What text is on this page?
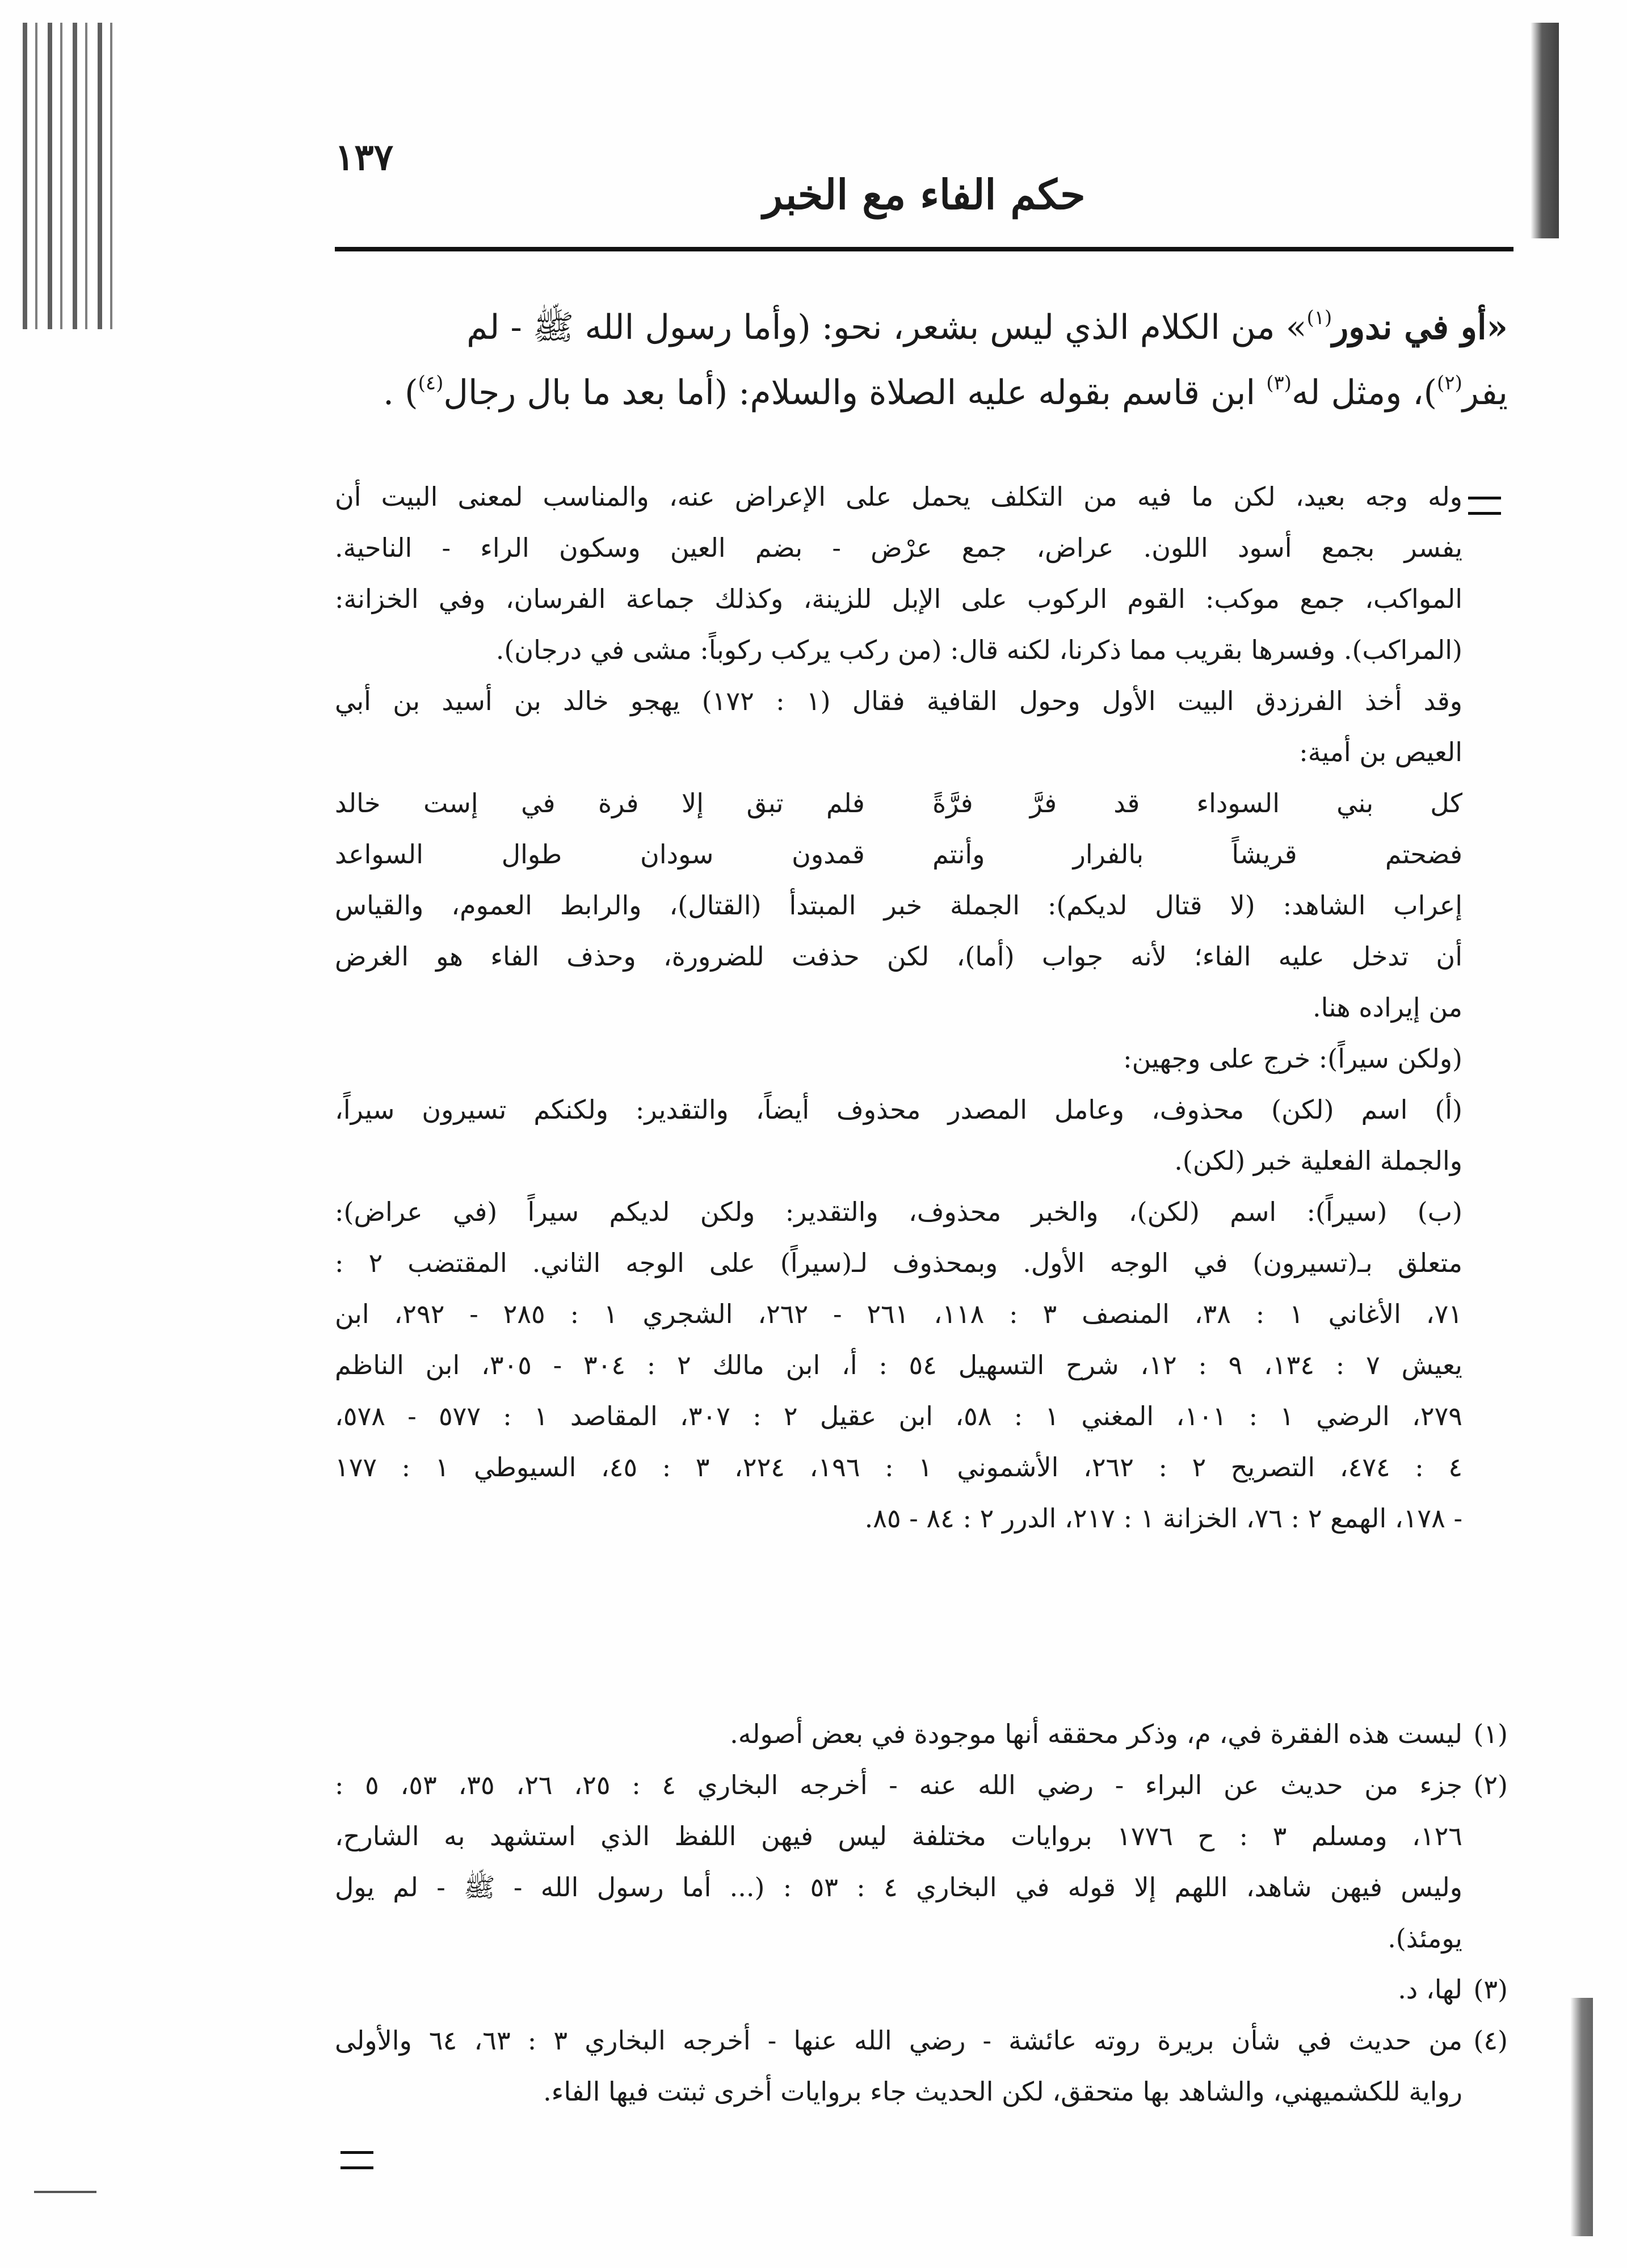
١٣٧
حكم الفاء مع الخبر
«أو في ندور$^{(١)}$» من الكلام الذي ليس بشعر، نحو: (وأما رسول الله ﷺ - لم
يفر$^{(٢)}$)، ومثل له$^{(٣)}$ ابن قاسم بقوله عليه الصلاة والسلام: (أما بعد ما بال رجال$^{(٤)}$) .
وله وجه بعيد، لكن ما فيه من التكلف يحمل على الإعراض عنه، والمناسب لمعنى البيت أن
يفسر بجمع أسود اللون. عراض، جمع عرْض - بضم العين وسكون الراء - الناحية.
المواكب، جمع موكب: القوم الركوب على الإبل للزينة، وكذلك جماعة الفرسان، وفي الخزانة:
(المراكب). وفسرها بقريب مما ذكرنا، لكنه قال: (من ركب يركب ركوباً: مشى في درجان).
وقد أخذ الفرزدق البيت الأول وحول القافية فقال (١ : ١٧٢) يهجو خالد بن أسيد بن أبي
العيص بن أمية:
كل بني السوداء قد فرَّ فرَّةً
فلم تبق إلا فرة في إست خالد
فضحتم قريشاً بالفرار وأنتم
قمدون سودان طوال السواعد
إعراب الشاهد: (لا قتال لديكم): الجملة خبر المبتدأ (القتال)، والرابط العموم، والقياس
أن تدخل عليه الفاء؛ لأنه جواب (أما)، لكن حذفت للضرورة، وحذف الفاء هو الغرض
من إيراده هنا.
(ولكن سيراً): خرج على وجهين:
(أ) اسم (لكن) محذوف، وعامل المصدر محذوف أيضاً، والتقدير: ولكنكم تسيرون سيراً،
والجملة الفعلية خبر (لكن).
(ب) (سيراً): اسم (لكن)، والخبر محذوف، والتقدير: ولكن لديكم سيراً (في عراض):
متعلق بـ(تسيرون) في الوجه الأول. وبمحذوف لـ(سيراً) على الوجه الثاني. المقتضب ٢ :
٧١، الأغاني ١ : ٣٨، المنصف ٣ : ١١٨، ٢٦١ - ٢٦٢، الشجري ١ : ٢٨٥ - ٢٩٢، ابن
يعيش ٧ : ١٣٤، ٩ : ١٢، شرح التسهيل ٥٤ : أ، ابن مالك ٢ : ٣٠٤ - ٣٠٥، ابن الناظم
٢٧٩، الرضي ١ : ١٠١، المغني ١ : ٥٨، ابن عقيل ٢ : ٣٠٧، المقاصد ١ : ٥٧٧ - ٥٧٨،
٤ : ٤٧٤، التصريح ٢ : ٢٦٢، الأشموني ١ : ١٩٦، ٢٢٤، ٣ : ٤٥، السيوطي ١ : ١٧٧
- ١٧٨، الهمع ٢ : ٧٦، الخزانة ١ : ٢١٧، الدرر ٢ : ٨٤ - ٨٥.
(١)
ليست هذه الفقرة في، م، وذكر محققه أنها موجودة في بعض أصوله.
(٢)
جزء من حديث عن البراء - رضي الله عنه - أخرجه البخاري ٤ : ٢٥، ٢٦، ٣٥، ٥٣، ٥ :
١٢٦، ومسلم ٣ : ح ١٧٧٦ بروايات مختلفة ليس فيهن اللفظ الذي استشهد به الشارح،
وليس فيهن شاهد، اللهم إلا قوله في البخاري ٤ : ٥٣ : (... أما رسول الله - ﷺ - لم يول
يومئذ).
(٣)
لها، د.
(٤)
من حديث في شأن بريرة روته عائشة - رضي الله عنها - أخرجه البخاري ٣ : ٦٣، ٦٤ والأولى
رواية للكشميهني، والشاهد بها متحقق، لكن الحديث جاء بروايات أخرى ثبتت فيها الفاء.
